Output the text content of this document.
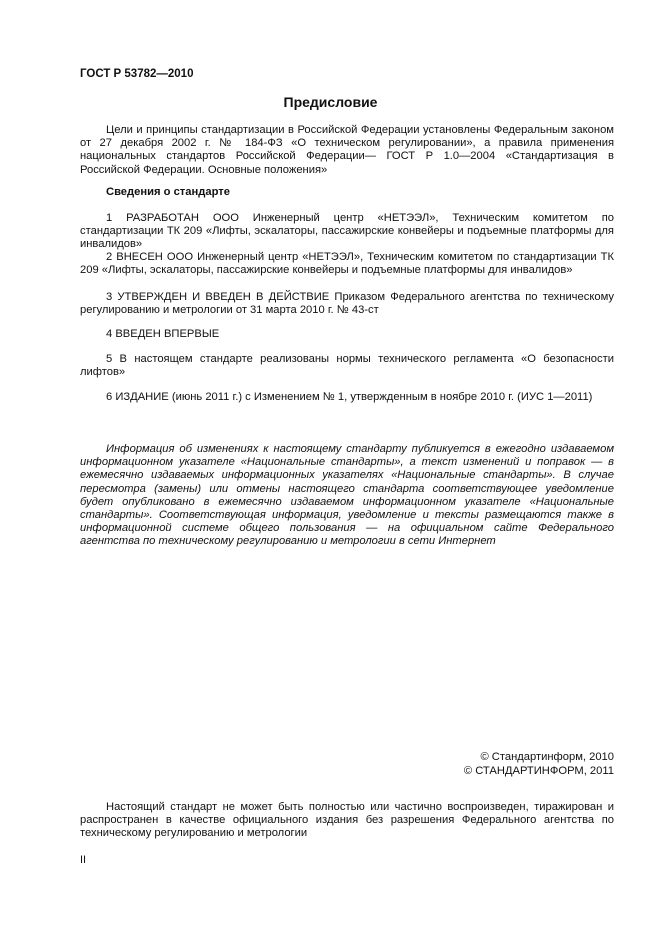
ГОСТ Р 53782—2010
Предисловие
Цели и принципы стандартизации в Российской Федерации установлены Федеральным законом от 27 декабря 2002 г. № 184-ФЗ «О техническом регулировании», а правила применения национальных стандартов Российской Федерации— ГОСТ Р 1.0—2004 «Стандартизация в Российской Федерации. Основные положения»
Сведения о стандарте
1 РАЗРАБОТАН ООО Инженерный центр «НЕТЭЭЛ», Техническим комитетом по стандартизации ТК 209 «Лифты, эскалаторы, пассажирские конвейеры и подъемные платформы для инвалидов»
2 ВНЕСЕН ООО Инженерный центр «НЕТЭЭЛ», Техническим комитетом по стандартизации ТК 209 «Лифты, эскалаторы, пассажирские конвейеры и подъемные платформы для инвалидов»
3 УТВЕРЖДЕН И ВВЕДЕН В ДЕЙСТВИЕ Приказом Федерального агентства по техническому регулированию и метрологии от 31 марта 2010 г. № 43-ст
4 ВВЕДЕН ВПЕРВЫЕ
5 В настоящем стандарте реализованы нормы технического регламента «О безопасности лифтов»
6 ИЗДАНИЕ (июнь 2011 г.) с Изменением № 1, утвержденным в ноябре 2010 г. (ИУС 1—2011)
Информация об изменениях к настоящему стандарту публикуется в ежегодно издаваемом информационном указателе «Национальные стандарты», а текст изменений и поправок — в ежемесячно издаваемых информационных указателях «Национальные стандарты». В случае пересмотра (замены) или отмены настоящего стандарта соответствующее уведомление будет опубликовано в ежемесячно издаваемом информационном указателе «Национальные стандарты». Соответствующая информация, уведомление и тексты размещаются также в информационной системе общего пользования — на официальном сайте Федерального агентства по техническому регулированию и метрологии в сети Интернет
© Стандартинформ, 2010
© СТАНДАРТИНФОРМ, 2011
Настоящий стандарт не может быть полностью или частично воспроизведен, тиражирован и распространен в качестве официального издания без разрешения Федерального агентства по техническому регулированию и метрологии
II
